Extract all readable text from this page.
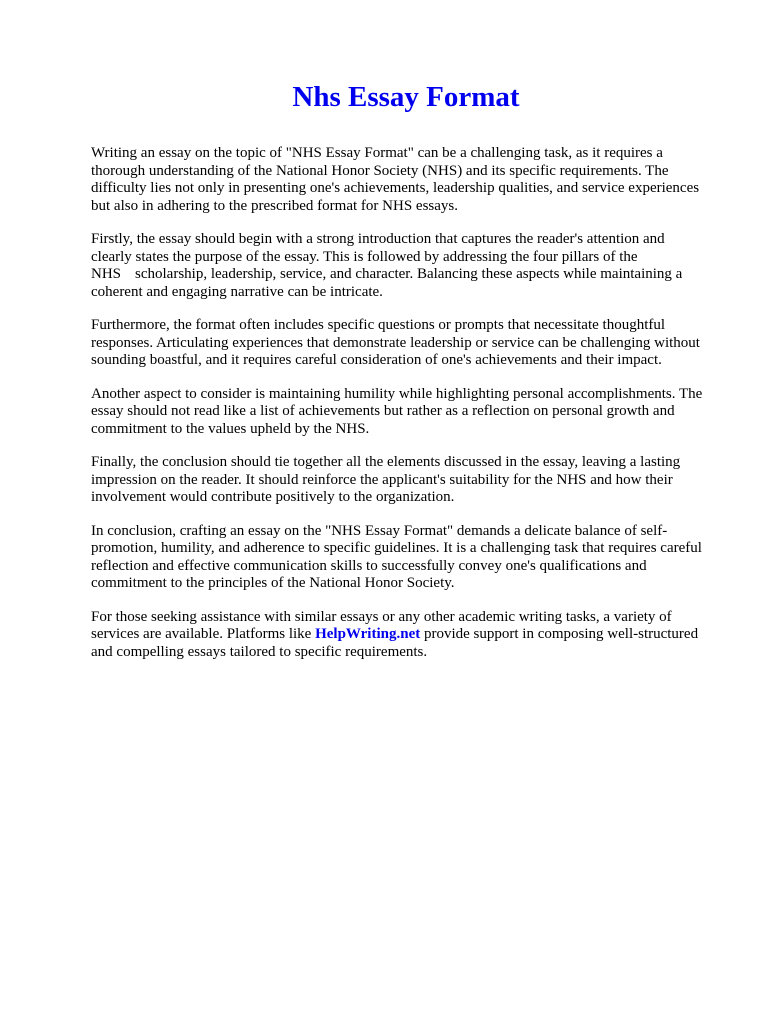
Nhs Essay Format

Writing an essay on the topic of "NHS Essay Format" can be a challenging task, as it requires a
thorough understanding of the National Honor Society (NHS) and its specific requirements. The
difficulty lies not only in presenting one's achievements, leadership qualities, and service experiences
but also in adhering to the prescribed format for NHS essays.

Firstly, the essay should begin with a strong introduction that captures the reader's attention and
clearly states the purpose of the essay. This is followed by addressing the four pillars of the
NHS scholarship, leadership, service, and character. Balancing these aspects while maintaining a
coherent and engaging narrative can be intricate.

Furthermore, the format often includes specific questions or prompts that necessitate thoughtful
responses. Articulating experiences that demonstrate leadership or service can be challenging without
sounding boastful, and it requires careful consideration of one's achievements and their impact.

Another aspect to consider is maintaining humility while highlighting personal accomplishments. The
essay should not read like a list of achievements but rather as a reflection on personal growth and
commitment to the values upheld by the NHS.

Finally, the conclusion should tie together all the elements discussed in the essay, leaving a lasting
impression on the reader. It should reinforce the applicant's suitability for the NHS and how their
involvement would contribute positively to the organization.

In conclusion, crafting an essay on the "NHS Essay Format" demands a delicate balance of self-
promotion, humility, and adherence to specific guidelines. It is a challenging task that requires careful
reflection and effective communication skills to successfully convey one's qualifications and
commitment to the principles of the National Honor Society.

For those seeking assistance with similar essays or any other academic writing tasks, a variety of
services are available. Platforms like HelpWriting.net provide support in composing well-structured
and compelling essays tailored to specific requirements.
